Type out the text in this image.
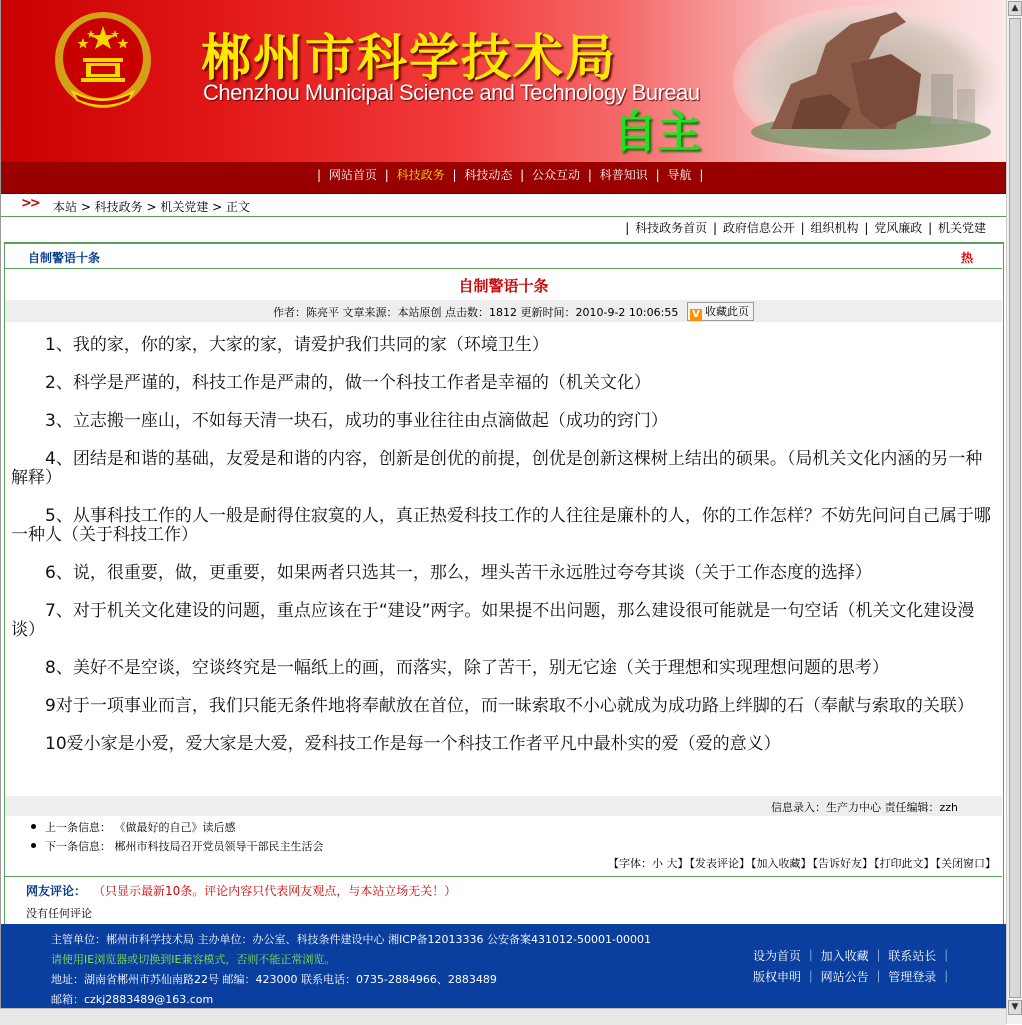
郴州市科学技术局
Chenzhou Municipal Science and Technology Bureau
自主
| 网站首页 | 科技政务 | 科技动态 | 公众互动 | 科普知识 | 导航 |
>> 本站 > 科技政务 > 机关党建 > 正文
| 科技政务首页 | 政府信息公开 | 组织机构 | 党风廉政 | 机关党建
自制警语十条	热
自制警语十条
作者：陈亮平 文章来源：本站原创 点击数：1812 更新时间：2010-9-2 10:06:55	V 收藏此页

1、我的家，你的家，大家的家，请爱护我们共同的家（环境卫生）

2、科学是严谨的，科技工作是严肃的，做一个科技工作者是幸福的（机关文化）

3、立志搬一座山，不如每天清一块石，成功的事业往往由点滴做起（成功的窍门）

4、团结是和谐的基础，友爱是和谐的内容，创新是创优的前提，创优是创新这棵树上结出的硕果。（局机关文化内涵的另一种解释）

5、从事科技工作的人一般是耐得住寂寞的人，真正热爱科技工作的人往往是廉朴的人，你的工作怎样？不妨先问问自己属于哪一种人（关于科技工作）

6、说，很重要，做，更重要，如果两者只选其一，那么，埋头苦干永远胜过夸夸其谈（关于工作态度的选择）

7、对于机关文化建设的问题，重点应该在于“建设”两字。如果提不出问题，那么建设很可能就是一句空话（机关文化建设漫谈）

8、美好不是空谈，空谈终究是一幅纸上的画，而落实，除了苦干，别无它途（关于理想和实现理想问题的思考）

9对于一项事业而言，我们只能无条件地将奉献放在首位，而一昧索取不小心就成为成功路上绊脚的石（奉献与索取的关联）

10爱小家是小爱，爱大家是大爱，爱科技工作是每一个科技工作者平凡中最朴实的爱（爱的意义）

信息录入：生产力中心 责任编辑：zzh
上一条信息： 《做最好的自己》读后感
下一条信息： 郴州市科技局召开党员领导干部民主生活会
【字体：小 大】【发表评论】【加入收藏】【告诉好友】【打印此文】【关闭窗口】
网友评论： （只显示最新10条。评论内容只代表网友观点，与本站立场无关！）
没有任何评论
主管单位：郴州市科学技术局 主办单位：办公室、科技条件建设中心 湘ICP备12013336 公安备案431012-50001-00001
请使用IE浏览器或切换到IE兼容模式，否则不能正常浏览。
地址：湖南省郴州市苏仙南路22号 邮编：423000 联系电话：0735-2884966、2883489
邮箱：czkj2883489@163.com
设为首页 ｜ 加入收藏 ｜ 联系站长 ｜
版权申明 ｜ 网站公告 ｜ 管理登录 ｜
▲
▼
